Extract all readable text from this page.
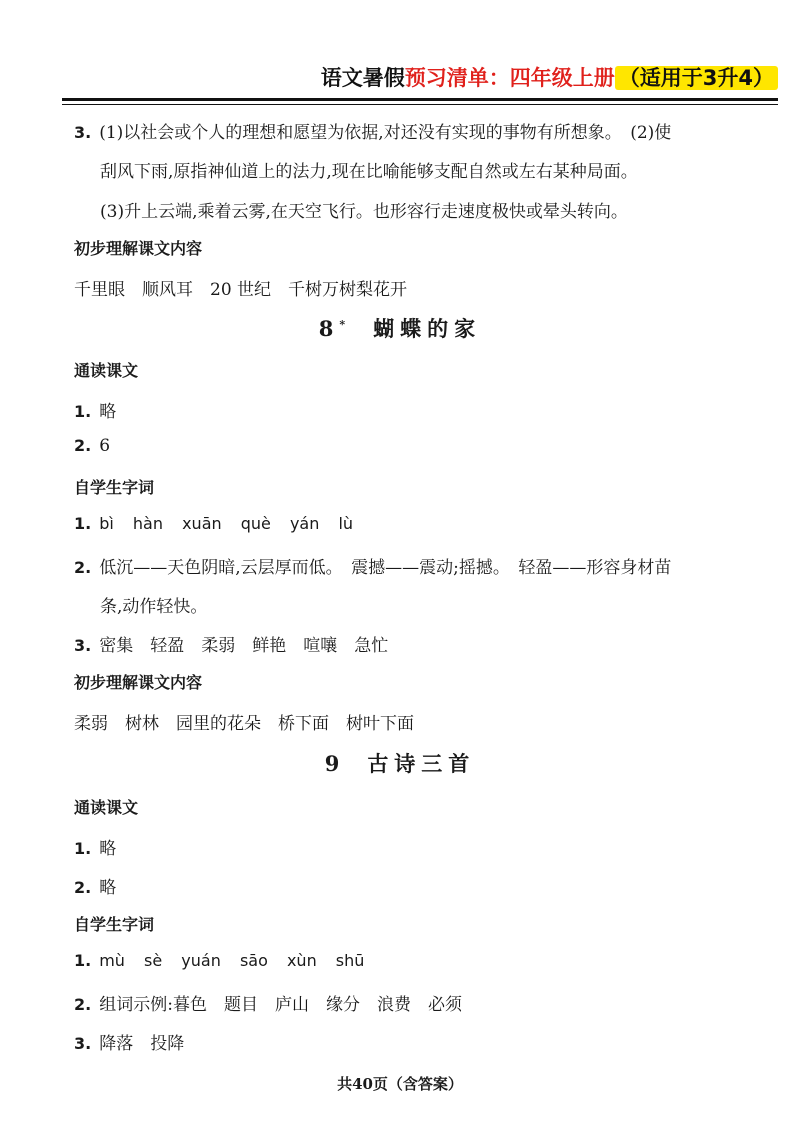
语文暑假预习清单：四年级上册 （适用于3升4）
3. (1)以社会或个人的理想和愿望为依据,对还没有实现的事物有所想象。　(2)使
刮风下雨,原指神仙道上的法力,现在比喻能够支配自然或左右某种局面。
(3)升上云端,乘着云雾,在天空飞行。也形容行走速度极快或晕头转向。
初步理解课文内容
千里眼　顺风耳　20 世纪　千树万树梨花开
8* 蝴蝶的家
通读课文
1. 略
2. 6
自学生字词
1. bì hàn xuān què yán lù
2. 低沉——天色阴暗,云层厚而低。　震撼——震动;摇撼。　轻盈——形容身材苗
条,动作轻快。
3. 密集　轻盈　柔弱　鲜艳　喧嚷　急忙
初步理解课文内容
柔弱　树林　园里的花朵　桥下面　树叶下面
9 古诗三首
通读课文
1. 略
2. 略
自学生字词
1. mù sè yuán sāo xùn shū
2. 组词示例:暮色　题目　庐山　缘分　浪费　必须
3. 降落　投降
共40页（含答案）
